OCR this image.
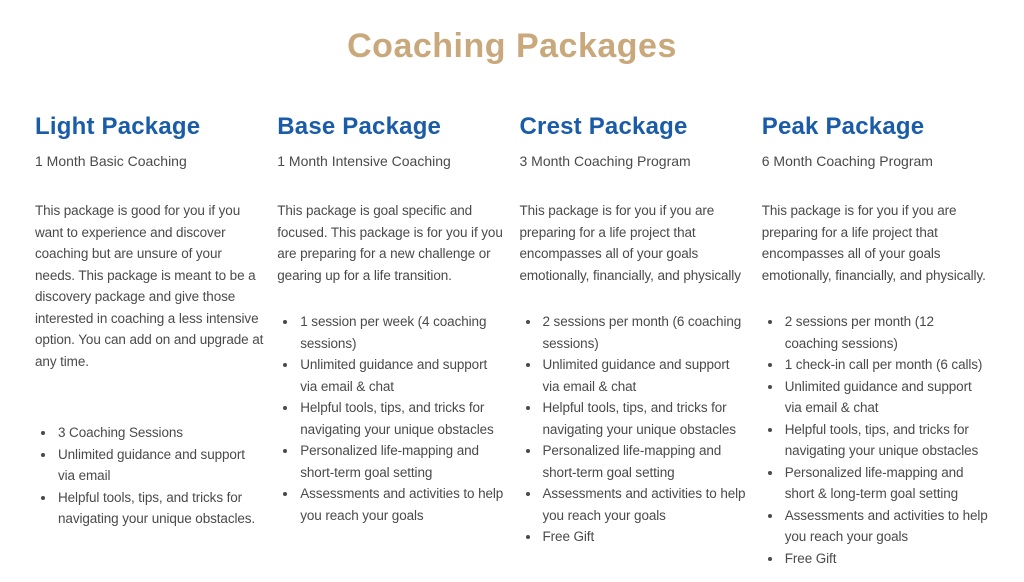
Coaching Packages
Light Package
1 Month Basic Coaching

This package is good for you if you want to experience and discover coaching but are unsure of your needs. This package is meant to be a discovery package and give those interested in coaching a less intensive option. You can add on and upgrade at any time.

• 3 Coaching Sessions
• Unlimited guidance and support via email
• Helpful tools, tips, and tricks for navigating your unique obstacles.
Base Package
1 Month Intensive Coaching

This package is goal specific and focused. This package is for you if you are preparing for a new challenge or gearing up for a life transition.

• 1 session per week (4 coaching sessions)
• Unlimited guidance and support via email & chat
• Helpful tools, tips, and tricks for navigating your unique obstacles
• Personalized life-mapping and short-term goal setting
• Assessments and activities to help you reach your goals
Crest Package
3 Month Coaching Program

This package is for you if you are preparing for a life project that encompasses all of your goals emotionally, financially, and physically

• 2 sessions per month (6 coaching sessions)
• Unlimited guidance and support via email & chat
• Helpful tools, tips, and tricks for navigating your unique obstacles
• Personalized life-mapping and short-term goal setting
• Assessments and activities to help you reach your goals
• Free Gift
Peak Package
6 Month Coaching Program

This package is for you if you are preparing for a life project that encompasses all of your goals emotionally, financially, and physically.

• 2 sessions per month (12 coaching sessions)
• 1 check-in call per month (6 calls)
• Unlimited guidance and support via email & chat
• Helpful tools, tips, and tricks for navigating your unique obstacles
• Personalized life-mapping and short & long-term goal setting
• Assessments and activities to help you reach your goals
• Free Gift
